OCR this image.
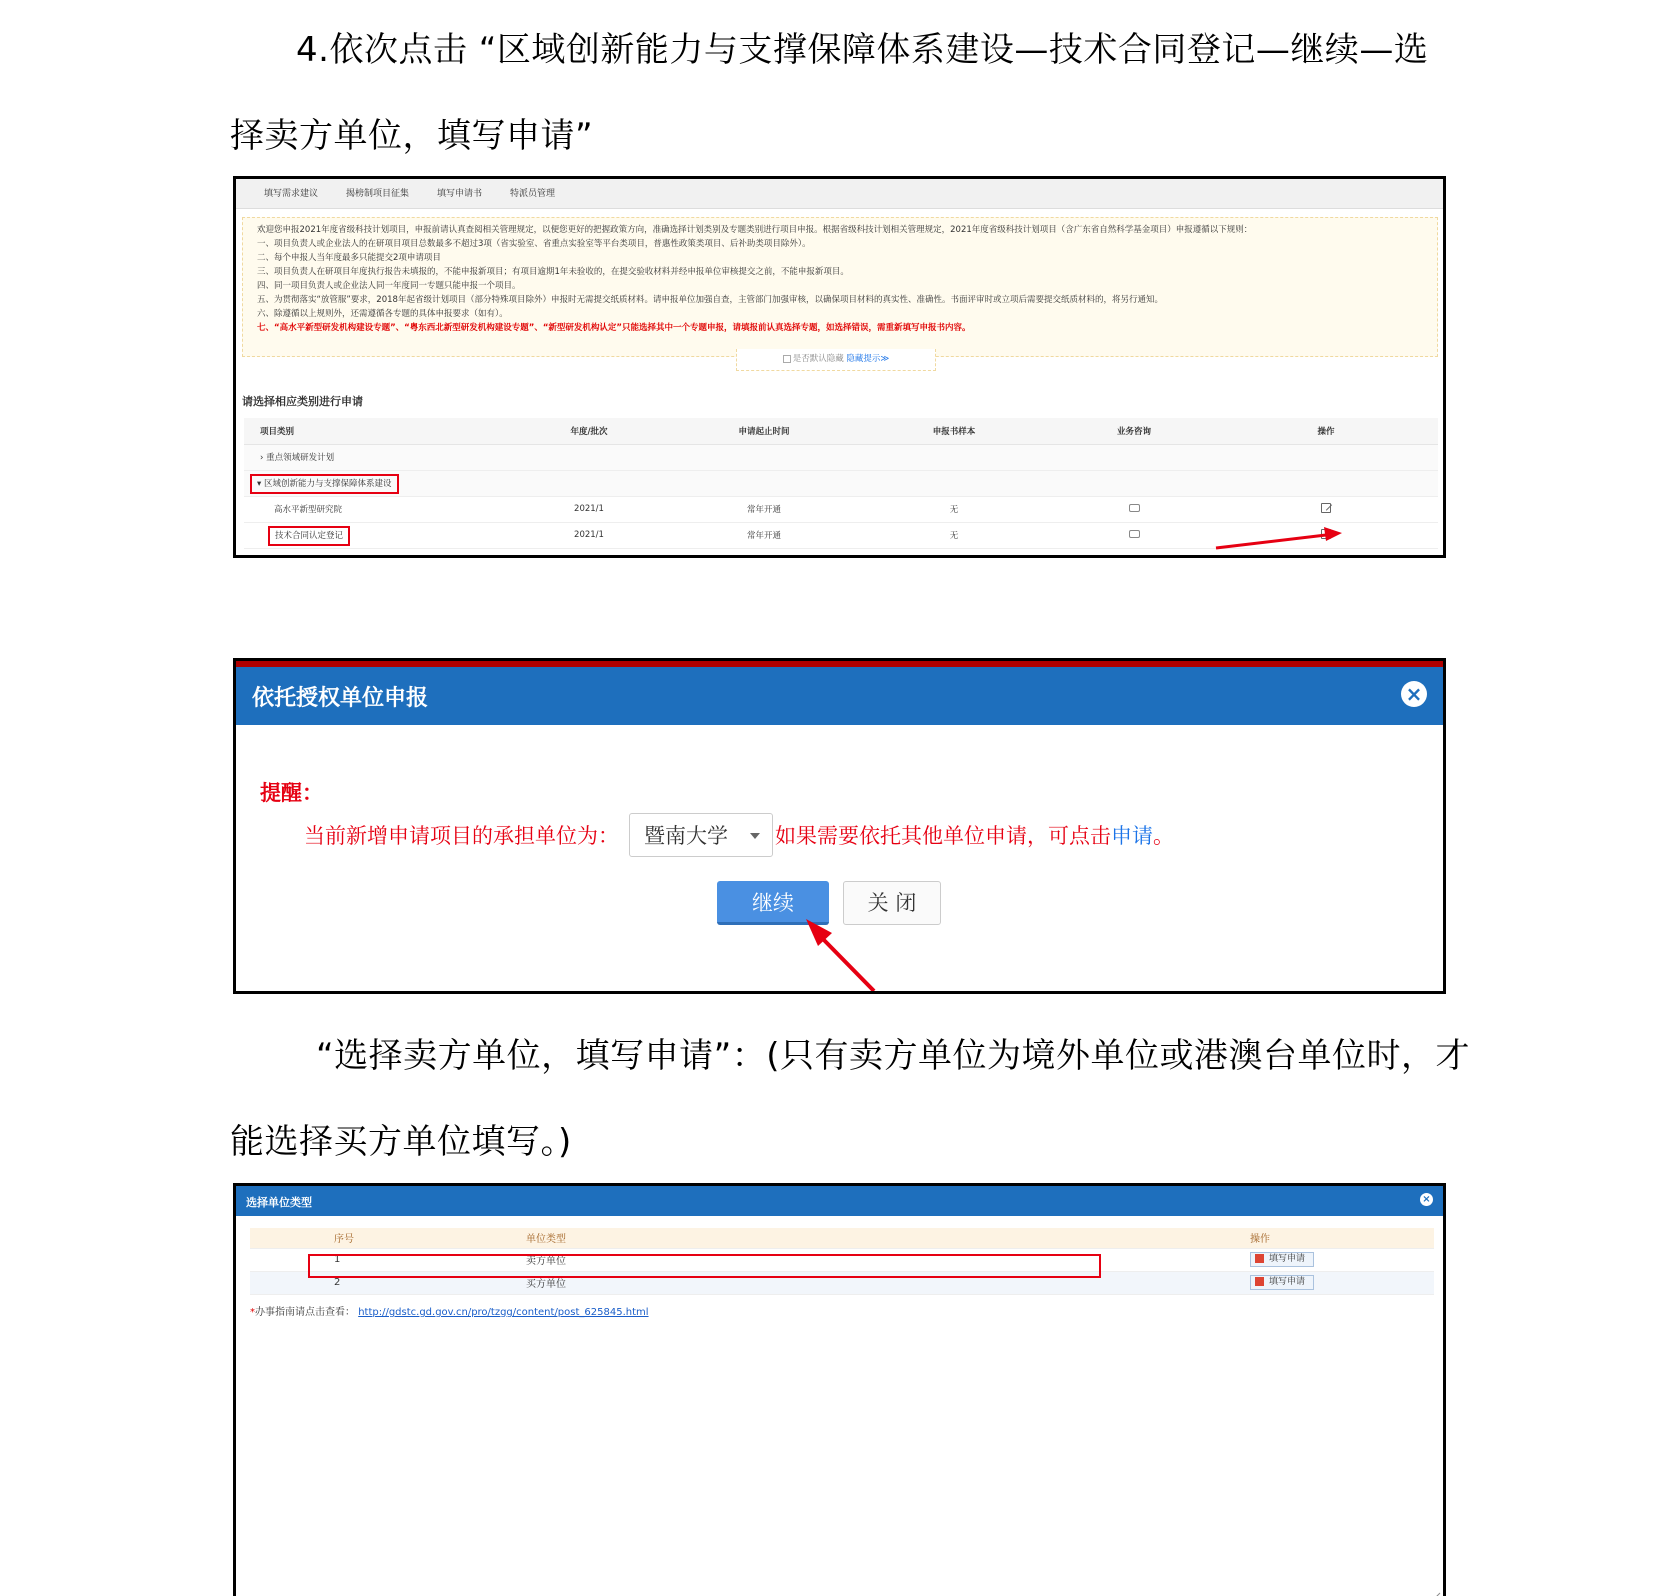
4.依次点击 “区域创新能力与支撑保障体系建设—技术合同登记—继续—选
择卖方单位，填写申请”
填写需求建议	揭榜制项目征集	填写申请书	特派员管理

欢迎您申报2021年度省级科技计划项目，申报前请认真查阅相关管理规定，以便您更好的把握政策方向，准确选择计划类别及专题类别进行项目申报。根据省级科技计划相关管理规定，2021年度省级科技计划项目（含广东省自然科学基金项目）申报遵循以下规则：

一、项目负责人或企业法人的在研项目项目总数最多不超过3项（省实验室、省重点实验室等平台类项目，普惠性政策类项目、后补助类项目除外）。

二、每个申报人当年度最多只能提交2项申请项目

三、项目负责人在研项目年度执行报告未填报的，不能申报新项目；有项目逾期1年未验收的，在提交验收材料并经申报单位审核提交之前，不能申报新项目。

四、同一项目负责人或企业法人同一年度同一专题只能申报一个项目。

五、为贯彻落实“放管服”要求，2018年起省级计划项目（部分特殊项目除外）申报时无需提交纸质材料。请申报单位加强自查，主管部门加强审核，以确保项目材料的真实性、准确性。书面评审时或立项后需要提交纸质材料的，将另行通知。

六、除遵循以上规则外，还需遵循各专题的具体申报要求（如有）。

七、“高水平新型研发机构建设专题”、“粤东西北新型研发机构建设专题”、“新型研发机构认定”只能选择其中一个专题申报，请填报前认真选择专题，如选择错误，需重新填写申报书内容。

是否默认隐藏 隐藏提示≫
请选择相应类别进行申请
项目类别	年度/批次	申请起止时间	申报书样本	业务咨询	操作
› 重点领域研发计划					
▾ 区域创新能力与支撑保障体系建设					
高水平新型研究院	2021/1	常年开通	无		
技术合同认定登记	2021/1	常年开通	无		
依托授权单位申报	×
提醒：
当前新增申请项目的承担单位为： 暨南大学 如果需要依托其他单位申请，可点击 申请 。
继续	关 闭
“选择卖方单位，填写申请”：(只有卖方单位为境外单位或港澳台单位时，才
能选择买方单位填写。)
选择单位类型	×
序号	单位类型	操作
1	卖方单位	填写申请
2	买方单位	填写申请
*办事指南请点击查看： http://gdstc.gd.gov.cn/pro/tzgg/content/post_625845.html
